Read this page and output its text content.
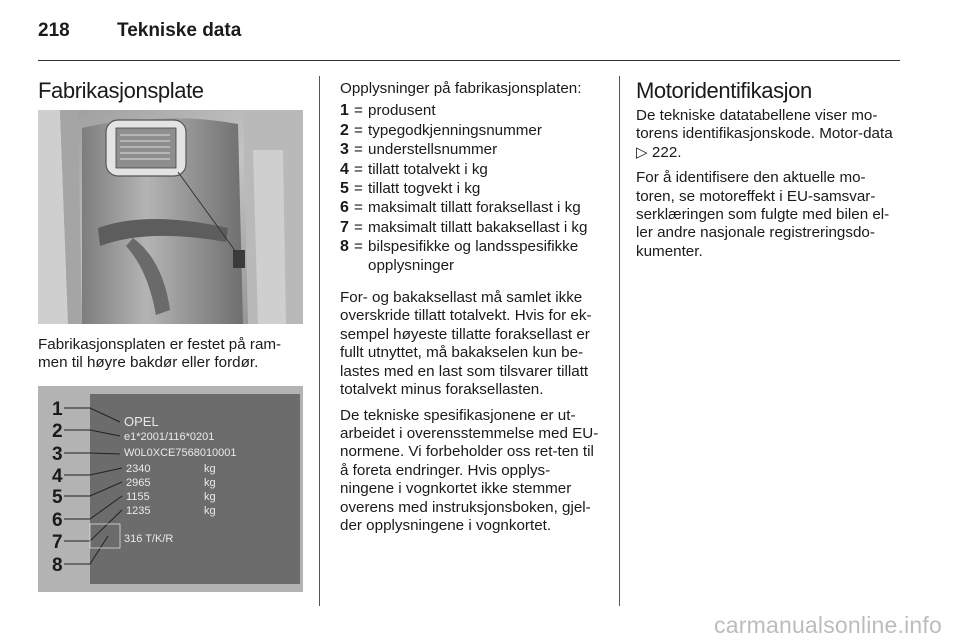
218 Tekniske data
Fabrikasjonsplate

Fabrikasjonsplaten er festet på ram-men til høyre bakdør eller fordør.

1
2
3
4
5
6
7
8
OPEL
e1*2001/116*0201
W0L0XCE7568010001
2340
2965
1155
1235
kg
kg
kg
kg
316 T/K/R

Opplysninger på fabrikasjonsplaten:

1 = produsent
2 = typegodkjenningsnummer
3 = understellsnummer
4 = tillatt totalvekt i kg
5 = tillatt togvekt i kg
6 = maksimalt tillatt foraksellast i kg
7 = maksimalt tillatt bakaksellast i kg
8 = bilspesifikke og landsspesifikke opplysninger

For- og bakaksellast må samlet ikke overskride tillatt totalvekt. Hvis for ek-sempel høyeste tillatte foraksellast er fullt utnyttet, må bakakselen kun be-lastes med en last som tilsvarer tillatt totalvekt minus foraksellasten.

De tekniske spesifikasjonene er ut-arbeidet i overensstemmelse med EU-normene. Vi forbeholder oss ret-ten til å foreta endringer. Hvis opplys-ningene i vognkortet ikke stemmer overens med instruksjonsboken, gjel-der opplysningene i vognkortet.

Motoridentifikasjon

De tekniske datatabellene viser mo-torens identifikasjonskode. Motor-data ▷ 222.

For å identifisere den aktuelle mo-toren, se motoreffekt i EU-samsvar-serklæringen som fulgte med bilen el-ler andre nasjonale registreringsdo-kumenter.

carmanualsonline.info
